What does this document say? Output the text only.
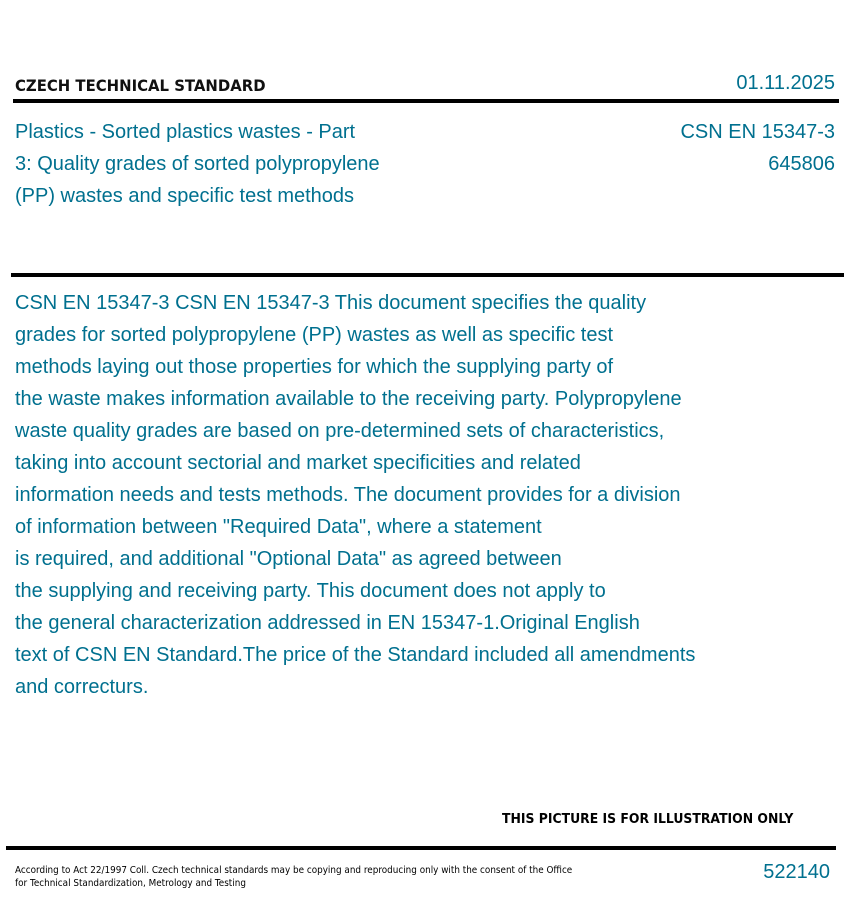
CZECH TECHNICAL STANDARD	01.11.2025
Plastics - Sorted plastics wastes - Part
3: Quality grades of sorted polypropylene
(PP) wastes and specific test methods
CSN EN 15347-3
645806
CSN EN 15347-3 CSN EN 15347-3 This document specifies the quality
grades for sorted polypropylene (PP) wastes as well as specific test
methods laying out those properties for which the supplying party of
the waste makes information available to the receiving party. Polypropylene
waste quality grades are based on pre-determined sets of characteristics,
taking into account sectorial and market specificities and related
information needs and tests methods. The document provides for a division
of information between "Required Data", where a statement
is required, and additional "Optional Data" as agreed between
the supplying and receiving party. This document does not apply to
the general characterization addressed in EN 15347-1.Original English
text of CSN EN Standard.The price of the Standard included all amendments
and correcturs.
THIS PICTURE IS FOR ILLUSTRATION ONLY
According to Act 22/1997 Coll. Czech technical standards may be copying and reproducing only with the consent of the Office
for Technical Standardization, Metrology and Testing
522140
